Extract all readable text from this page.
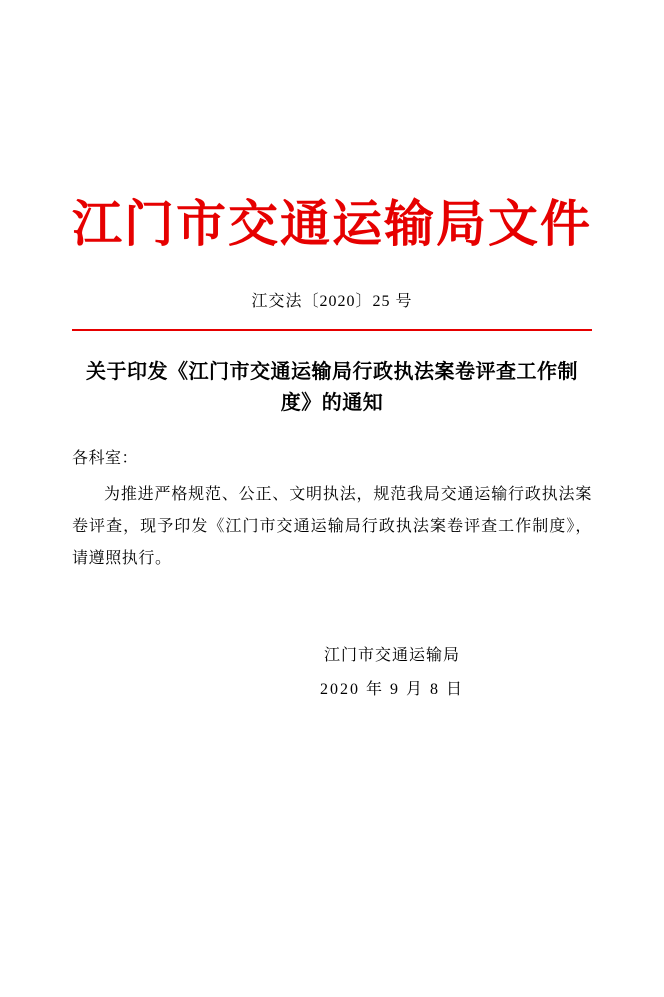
江门市交通运输局文件
江交法〔2020〕25 号
关于印发《江门市交通运输局行政执法案卷评查工作制度》的通知
各科室：
为推进严格规范、公正、文明执法，规范我局交通运输行政执法案卷评查，现予印发《江门市交通运输局行政执法案卷评查工作制度》，请遵照执行。
江门市交通运输局
2020 年 9 月 8 日
